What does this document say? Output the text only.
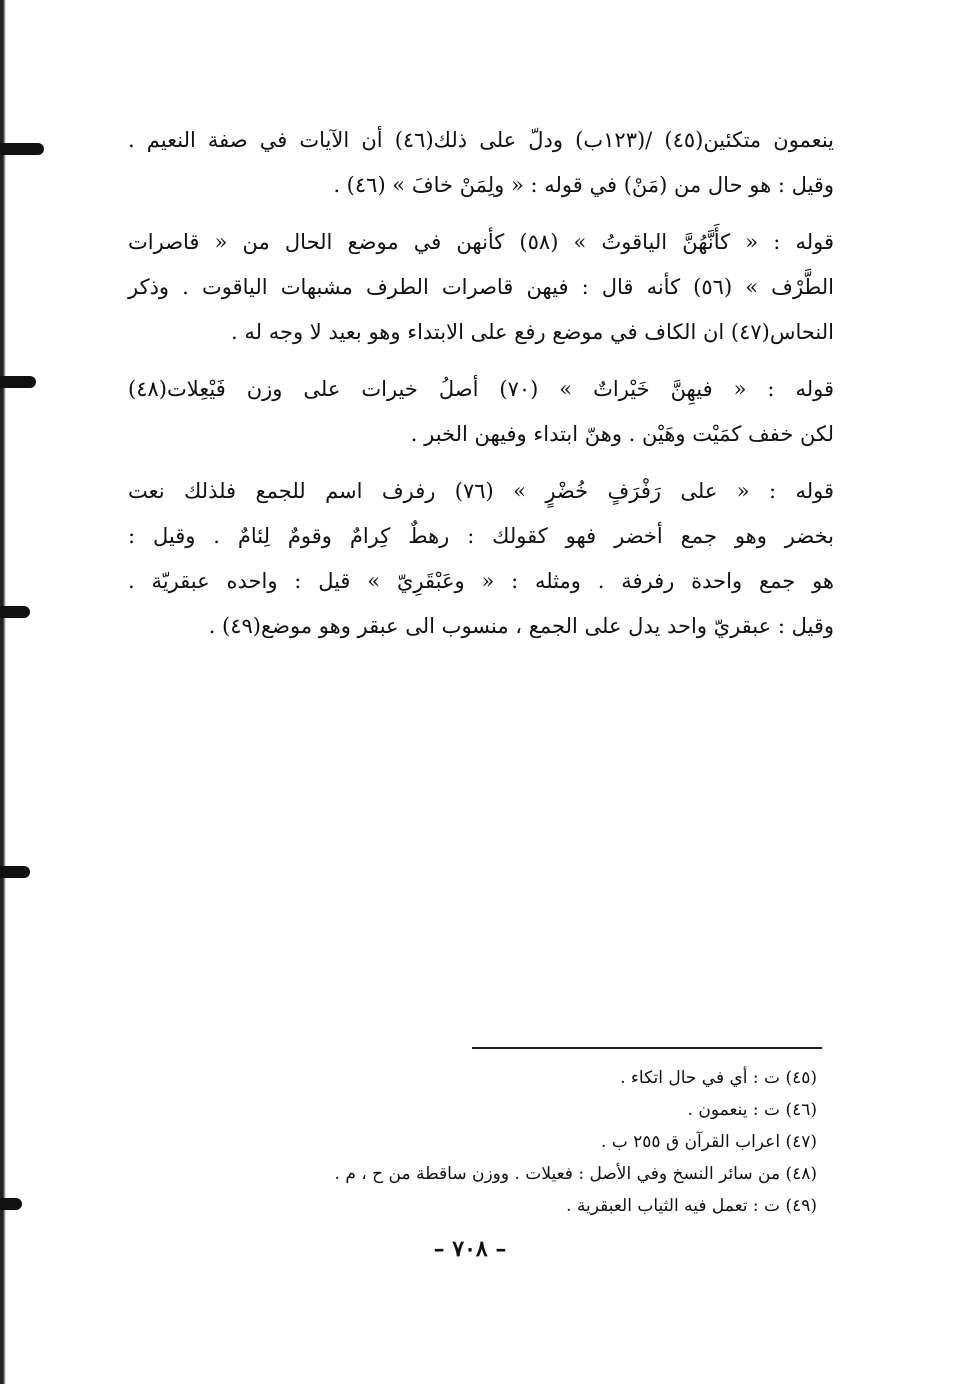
ينعمون متكئين(٤٥) /(١٢٣ب) ودلّ على ذلك(٤٦) أن الآيات في صفة النعيم .
وقيل : هو حال من (مَنْ) في قوله : « ولِمَنْ خافَ » (٤٦) .

قوله : « كأَنَّهُنَّ الياقوتُ » (٥٨) كأنهن في موضع الحال من « قاصرات
الطَّرْف » (٥٦) كأنه قال : فيهن قاصرات الطرف مشبهات الياقوت . وذكر
النحاس(٤٧) ان الكاف في موضع رفع على الابتداء وهو بعيد لا وجه له .

قوله : « فيهِنَّ خَيْراتٌ » (٧٠) أصلُ خيرات على وزن فَيْعِلات(٤٨)
لكن خفف كمَيْت وهَيْن . وهنّ ابتداء وفيهن الخبر .

قوله : « على رَفْرَفٍ خُضْرٍ » (٧٦) رفرف اسم للجمع فلذلك نعت
بخضر وهو جمع أخضر فهو كقولك : رهطٌ كِرامٌ وقومٌ لِئامٌ . وقيل :
هو جمع واحدة رفرفة . ومثله : « وعَبْقَرِيّ » قيل : واحده عبقريّة .
وقيل : عبقريّ واحد يدل على الجمع ، منسوب الى عبقر وهو موضع(٤٩) .

(٤٥) ت : أي في حال اتكاء .
(٤٦) ت : ينعمون .
(٤٧) اعراب القرآن ق ٢٥٥ ب .
(٤٨) من سائر النسخ وفي الأصل : فعيلات . ووزن ساقطة من ح ، م .
(٤٩) ت : تعمل فيه الثياب العبقرية .
– ٧٠٨ –
